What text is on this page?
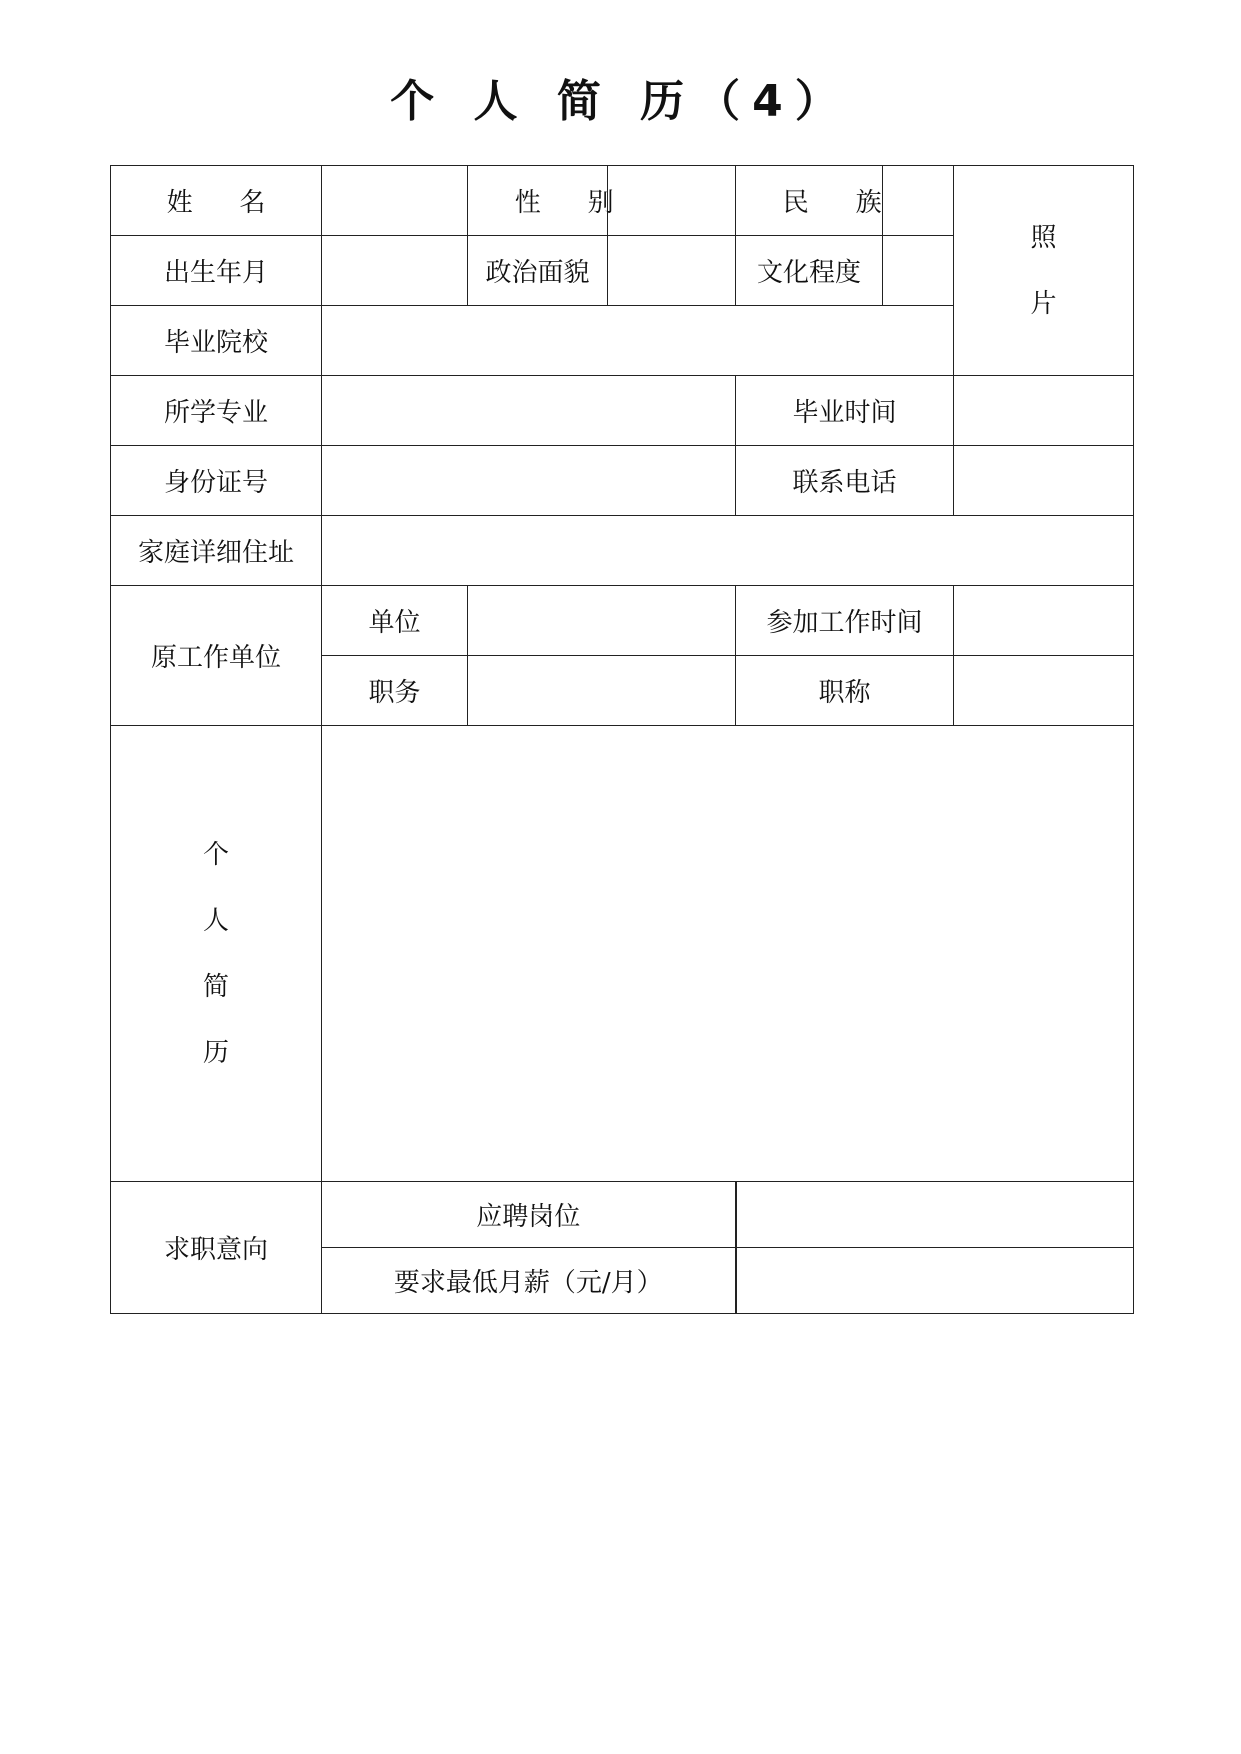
个 人 简 历（4）
姓名		性别		民族		照
片

出生年月		政治面貌		文化程度		
毕业院校						
所学专业				毕业时间		
身份证号				联系电话		
家庭详细住址						
原工作单位	单位			参加工作时间		
	职务			职称		

个
人
简
历						

求职意向	应聘岗位					
	要求最低月薪（元/月）					
